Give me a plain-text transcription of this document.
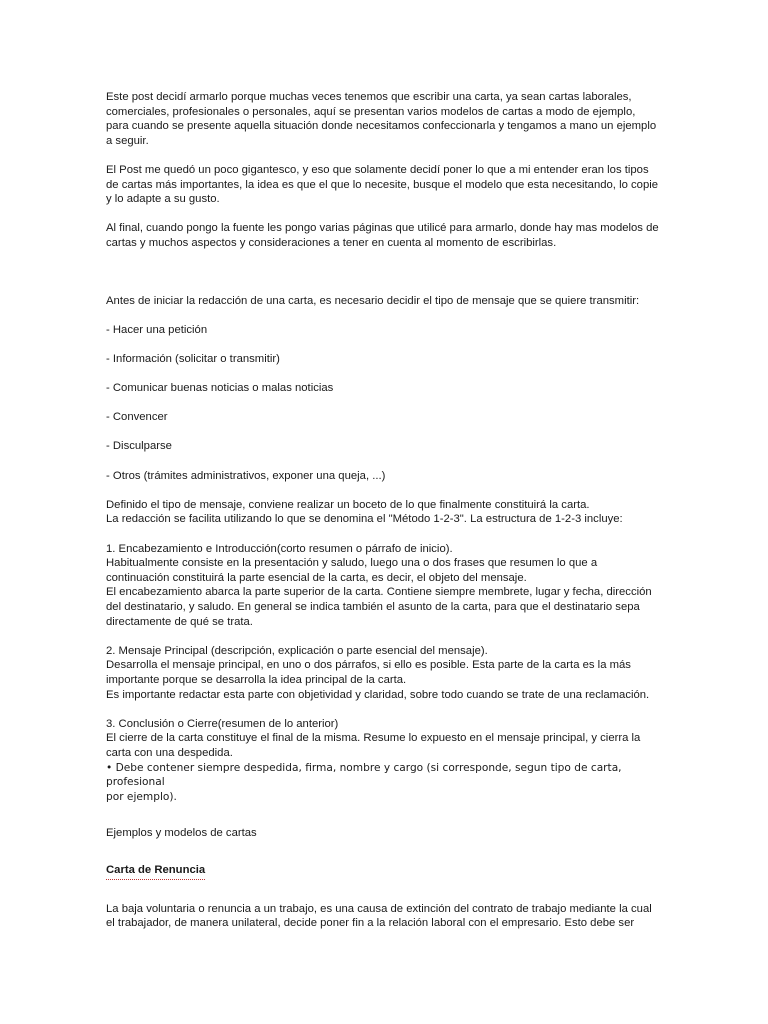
Este post decidí armarlo porque muchas veces tenemos que escribir una carta, ya sean cartas laborales,
comerciales, profesionales o personales, aquí se presentan varios modelos de cartas a modo de ejemplo,
para cuando se presente aquella situación donde necesitamos confeccionarla y tengamos a mano un ejemplo
a seguir.

El Post me quedó un poco gigantesco, y eso que solamente decidí poner lo que a mi entender eran los tipos
de cartas más importantes, la idea es que el que lo necesite, busque el modelo que esta necesitando, lo copie
y lo adapte a su gusto.

Al final, cuando pongo la fuente les pongo varias páginas que utilicé para armarlo, donde hay mas modelos de
cartas y muchos aspectos y consideraciones a tener en cuenta al momento de escribirlas.

Antes de iniciar la redacción de una carta, es necesario decidir el tipo de mensaje que se quiere transmitir:

- Hacer una petición

- Información (solicitar o transmitir)

- Comunicar buenas noticias o malas noticias

- Convencer

- Disculparse

- Otros (trámites administrativos, exponer una queja, ...)

Definido el tipo de mensaje, conviene realizar un boceto de lo que finalmente constituirá la carta.
La redacción se facilita utilizando lo que se denomina el "Método 1-2-3". La estructura de 1-2-3 incluye:

1. Encabezamiento e Introducción(corto resumen o párrafo de inicio).
Habitualmente consiste en la presentación y saludo, luego una o dos frases que resumen lo que a
continuación constituirá la parte esencial de la carta, es decir, el objeto del mensaje.
El encabezamiento abarca la parte superior de la carta. Contiene siempre membrete, lugar y fecha, dirección
del destinatario, y saludo. En general se indica también el asunto de la carta, para que el destinatario sepa
directamente de qué se trata.

2. Mensaje Principal (descripción, explicación o parte esencial del mensaje).
Desarrolla el mensaje principal, en uno o dos párrafos, si ello es posible. Esta parte de la carta es la más
importante porque se desarrolla la idea principal de la carta.
Es importante redactar esta parte con objetividad y claridad, sobre todo cuando se trate de una reclamación.

3. Conclusión o Cierre(resumen de lo anterior)
El cierre de la carta constituye el final de la misma. Resume lo expuesto en el mensaje principal, y cierra la
carta con una despedida.

• Debe contener siempre despedida, firma, nombre y cargo (si corresponde, segun tipo de carta, profesional
por ejemplo).

Ejemplos y modelos de cartas

Carta de Renuncia

La baja voluntaria o renuncia a un trabajo, es una causa de extinción del contrato de trabajo mediante la cual
el trabajador, de manera unilateral, decide poner fin a la relación laboral con el empresario. Esto debe ser
